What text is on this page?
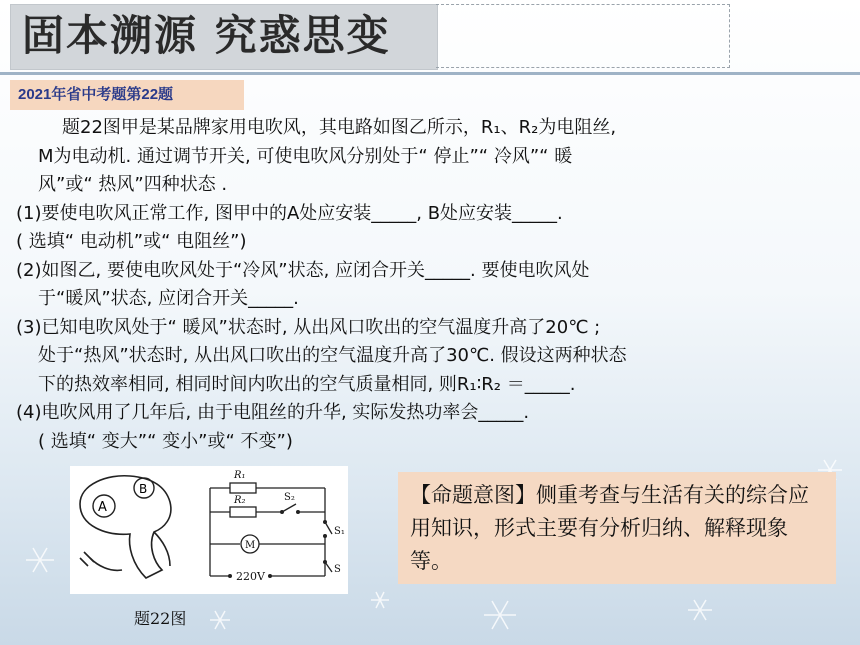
固本溯源 究惑思变
2021年省中考题第22题

题22图甲是某品牌家用电吹风，其电路如图乙所示，R₁、R₂为电阻丝,

M为电动机. 通过调节开关, 可使电吹风分别处于“ 停止”“ 冷风”“ 暖

风”或“ 热风”四种状态 .

(1)要使电吹风正常工作, 图甲中的A处应安装_____, B处应安装_____.

( 选填“ 电动机”或“ 电阻丝”)

(2)如图乙, 要使电吹风处于“冷风”状态, 应闭合开关_____. 要使电吹风处

于“暖风”状态, 应闭合开关_____.

(3)已知电吹风处于“ 暖风”状态时, 从出风口吹出的空气温度升高了20℃ ;

处于“热风”状态时, 从出风口吹出的空气温度升高了30℃. 假设这两种状态

下的热效率相同, 相同时间内吹出的空气质量相同, 则R₁∶R₂ ＝_____.

(4)电吹风用了几年后, 由于电阻丝的升华, 实际发热功率会_____.

( 选填“ 变大”“ 变小”或“ 不变”)

A
B
R₁
R₂	S₂
S₁
S
M
220V
题22图
【命题意图】侧重考查与生活有关的综合应用知识，形式主要有分析归纳、解释现象等。
